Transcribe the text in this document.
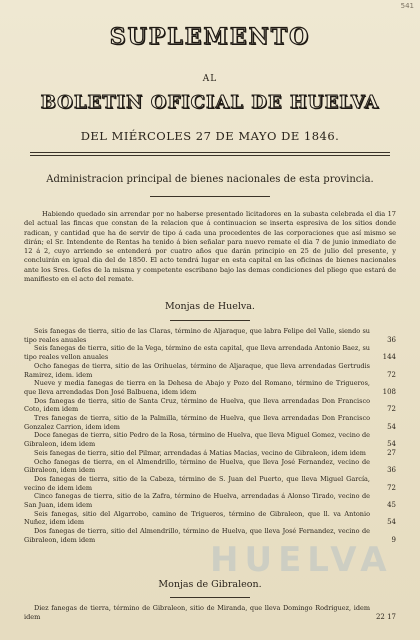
541
SUPLEMENTO
AL
BOLETIN OFICIAL DE HUELVA
DEL MIÉRCOLES 27 DE MAYO DE 1846.
Administracion principal de bienes nacionales de esta provincia.
Habiendo quedado sin arrendar por no haberse presentado licitadores en la subasta celebrada el dia 17 del actual las fincas que constan de la relacion que á continuacion se inserta espresiva de los sitios donde radican, y cantidad que ha de servir de tipo á cada una procedentes de las corporaciones que así mismo se dirán; el Sr. Intendente de Rentas ha tenido á bien señalar para nuevo remate el dia 7 de junio inmediato de 12 á 2, cuyo arriendo se entenderá por cuatro años que darán principio en 25 de julio del presente, y concluirán en igual dia del de 1850. El acto tendrá lugar en esta capital en las oficinas de bienes nacionales ante los Sres. Gefes de la misma y competente escribano bajo las demas condiciones del pliego que estará de manifiesto en el acto del remate.
Monjas de Huelva.
Seis fanegas de tierra, sitio de las Claras, término de Aljaraque, que labra Felipe del Valle, siendo su tipo reales anuales	36
Seis fanegas de tierra, sitio de la Vega, término de esta capital, que lleva arrendada Antonio Baez, su tipo reales vellon anuales	144
Ocho fanegas de tierra, sitio de las Orihuelas, término de Aljaraque, que lleva arrendadas Gertrudis Ramirez, idem. idem	72
Nueve y media fanegas de tierra en la Dehesa de Abajo y Pozo del Romano, término de Trigueros, que lleva arrendadas Don José Balbuena, idem idem	108
Dos fanegas de tierra, sitio de Santa Cruz, término de Huelva, que lleva arrendadas Don Francisco Coto, idem idem	72
Tres fanegas de tierra, sitio de la Palmilla, término de Huelva, que lleva arrendadas Don Francisco Gonzalez Carrion, idem idem	54
Doce fanegas de tierra, sitio Pedro de la Rosa, término de Huelva, que lleva Miguel Gomez, vecino de Gibraleon, idem idem	54
Seis fanegas de tierra, sitio del Pilmar, arrendadas á Matias Macias, vecino de Gibraleon, idem idem	27
Ocho fanegas de tierra, en el Almendrillo, término de Huelva, que lleva José Fernandez, vecino de Gibraleon, idem idem	36
Dos fanegas de tierra, sitio de la Cabeza, término de S. Juan del Puerto, que lleva Miguel García, vecino de idem idem	72
Cinco fanegas de tierra, sitio de la Zafra, término de Huelva, arrendadas á Alonso Tirado, vecino de San Juan, idem idem	45
Seis fanegas, sitio del Algarrobo, camino de Trigueros, término de Gibraleon, que ll. va Antonio Nuñez, idem idem	54
Dos fanegas de tierra, sitio del Almendrillo, término de Huelva, que lleva José Fernandez, vecino de Gibraleon, idem idem	9
HUELVA
Monjas de Gibraleon.
Diez fanegas de tierra, término de Gibraleon, sitio de Miranda, que lleva Domingo Rodriguez, idem idem	22 17
